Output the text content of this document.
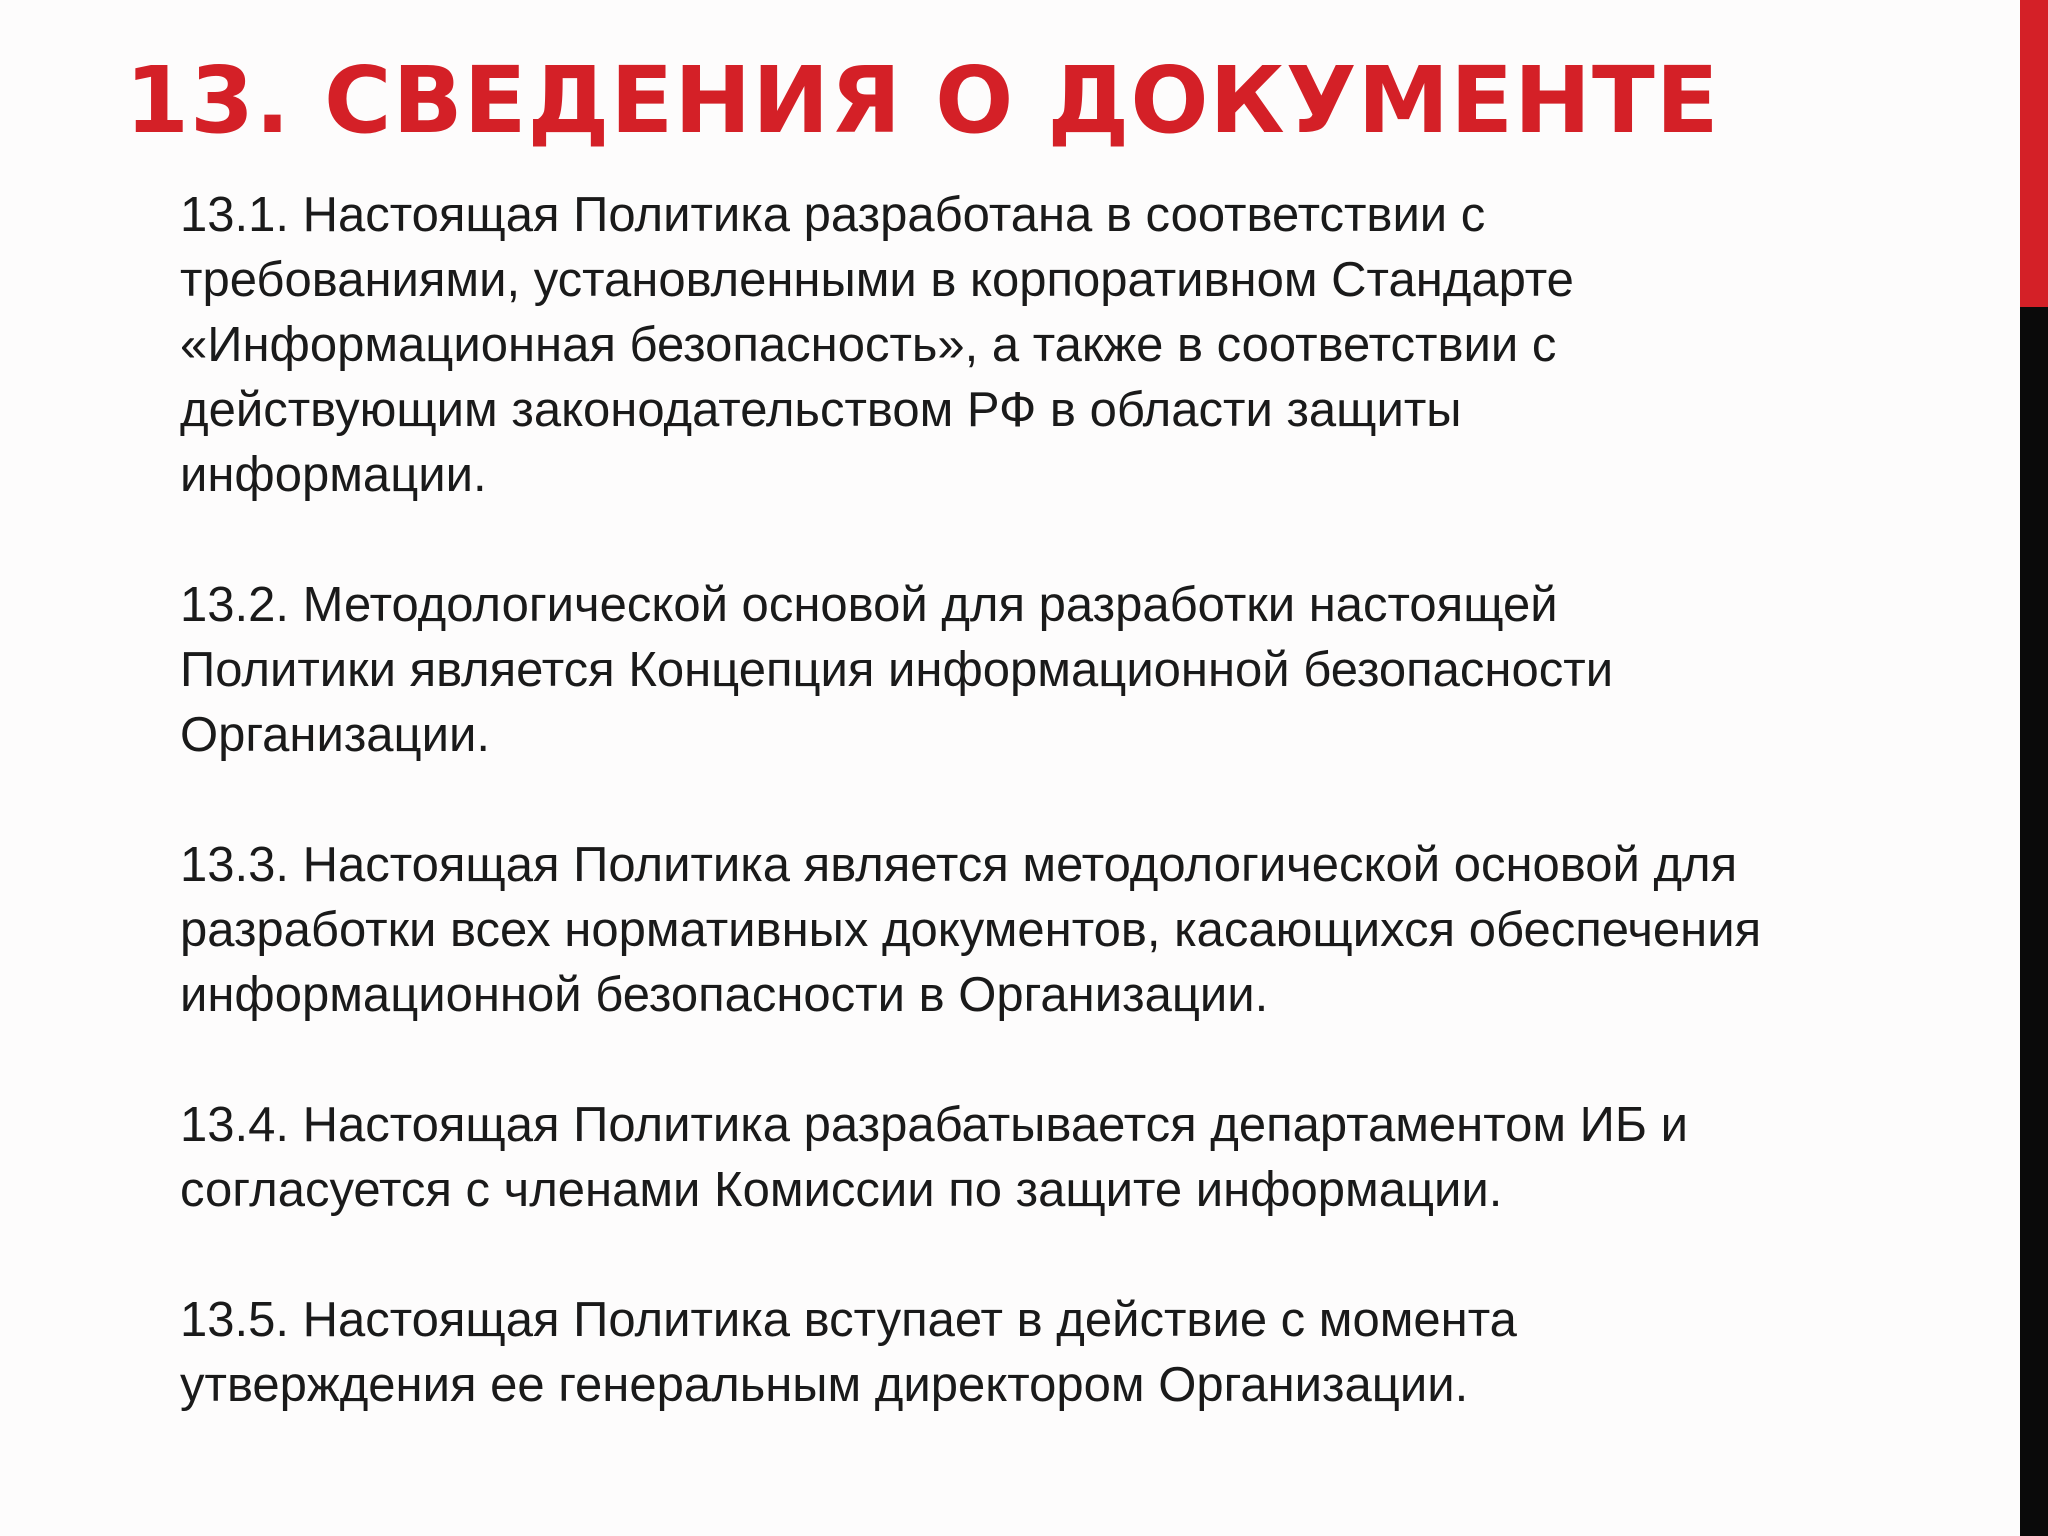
13. СВЕДЕНИЯ О ДОКУМЕНТЕ
13.1. Настоящая Политика разработана в соответствии с
требованиями, установленными в корпоративном Стандарте
«Информационная безопасность», а также в соответствии с
действующим законодательством РФ в области защиты
информации.
13.2. Методологической основой для разработки настоящей
Политики является Концепция информационной безопасности
Организации.
13.3. Настоящая Политика является методологической основой для
разработки всех нормативных документов, касающихся обеспечения
информационной безопасности в Организации.
13.4. Настоящая Политика разрабатывается департаментом ИБ и
согласуется с членами Комиссии по защите информации.
13.5. Настоящая Политика вступает в действие с момента
утверждения ее генеральным директором Организации.
